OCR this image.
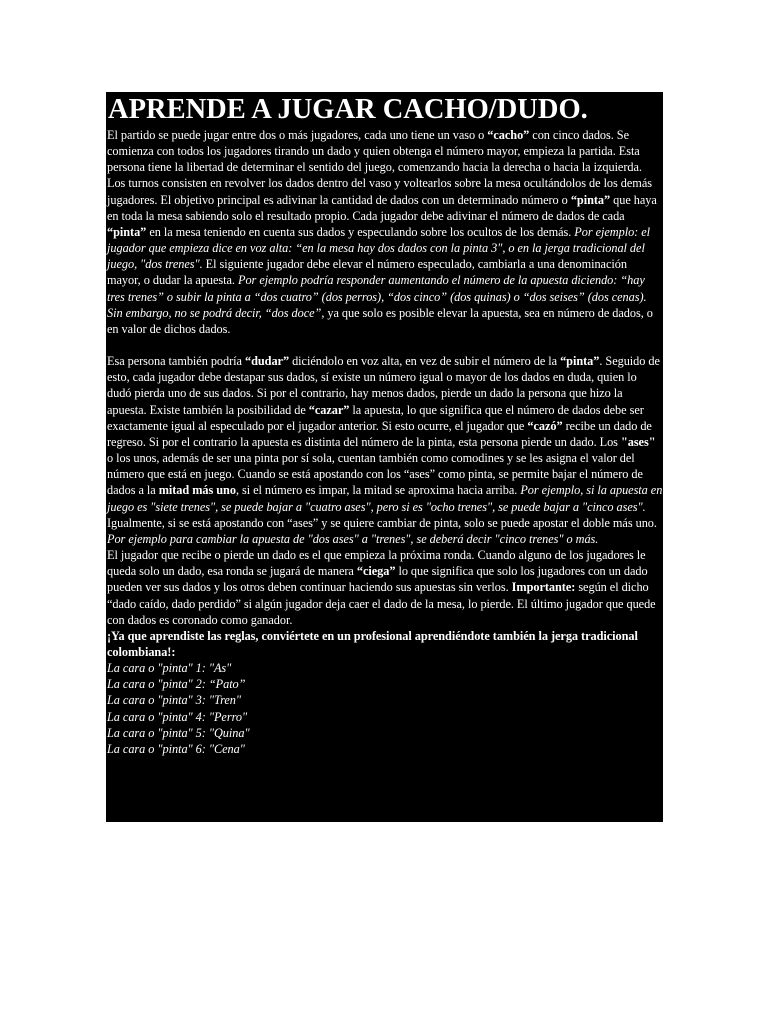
APRENDE A JUGAR CACHO/DUDO.

El partido se puede jugar entre dos o más jugadores, cada uno tiene un vaso o “cacho” con cinco dados. Se comienza con todos los jugadores tirando un dado y quien obtenga el número mayor, empieza la partida. Esta persona tiene la libertad de determinar el sentido del juego, comenzando hacia la derecha o hacia la izquierda. Los turnos consisten en revolver los dados dentro del vaso y voltearlos sobre la mesa ocultándolos de los demás jugadores. El objetivo principal es adivinar la cantidad de dados con un determinado número o “pinta” que haya en toda la mesa sabiendo solo el resultado propio. Cada jugador debe adivinar el número de dados de cada “pinta” en la mesa teniendo en cuenta sus dados y especulando sobre los ocultos de los demás. Por ejemplo: el jugador que empieza dice en voz alta: “en la mesa hay dos dados con la pinta 3", o en la jerga tradicional del juego, "dos trenes". El siguiente jugador debe elevar el número especulado, cambiarla a una denominación mayor, o dudar la apuesta. Por ejemplo podría responder aumentando el número de la apuesta diciendo: “hay tres trenes” o subir la pinta a “dos cuatro” (dos perros), “dos cinco” (dos quinas) o “dos seises” (dos cenas). Sin embargo, no se podrá decir, “dos doce”, ya que solo es posible elevar la apuesta, sea en número de dados, o en valor de dichos dados.

Esa persona también podría “dudar” diciéndolo en voz alta, en vez de subir el número de la “pinta”. Seguido de esto, cada jugador debe destapar sus dados, sí existe un número igual o mayor de los dados en duda, quien lo dudó pierda uno de sus dados. Si por el contrario, hay menos dados, pierde un dado la persona que hizo la apuesta. Existe también la posibilidad de “cazar” la apuesta, lo que significa que el número de dados debe ser exactamente igual al especulado por el jugador anterior. Si esto ocurre, el jugador que “cazó” recibe un dado de regreso. Si por el contrario la apuesta es distinta del número de la pinta, esta persona pierde un dado. Los "ases" o los unos, además de ser una pinta por sí sola, cuentan también como comodines y se les asigna el valor del número que está en juego. Cuando se está apostando con los “ases” como pinta, se permite bajar el número de dados a la mitad más uno, si el número es impar, la mitad se aproxima hacia arriba. Por ejemplo, si la apuesta en juego es "siete trenes", se puede bajar a "cuatro ases", pero si es "ocho trenes", se puede bajar a "cinco ases". Igualmente, si se está apostando con “ases” y se quiere cambiar de pinta, solo se puede apostar el doble más uno. Por ejemplo para cambiar la apuesta de "dos ases" a "trenes", se deberá decir "cinco trenes" o más.

El jugador que recibe o pierde un dado es el que empieza la próxima ronda. Cuando alguno de los jugadores le queda solo un dado, esa ronda se jugará de manera “ciega” lo que significa que solo los jugadores con un dado pueden ver sus dados y los otros deben continuar haciendo sus apuestas sin verlos. Importante: según el dicho “dado caído, dado perdido” si algún jugador deja caer el dado de la mesa, lo pierde. El último jugador que quede con dados es coronado como ganador.

¡Ya que aprendiste las reglas, conviértete en un profesional aprendiéndote también la jerga tradicional colombiana!:

La cara o "pinta" 1: "As"
La cara o "pinta" 2: “Pato”
La cara o "pinta" 3: "Tren"
La cara o "pinta" 4: "Perro"
La cara o "pinta" 5: "Quina"
La cara o "pinta" 6: "Cena"
